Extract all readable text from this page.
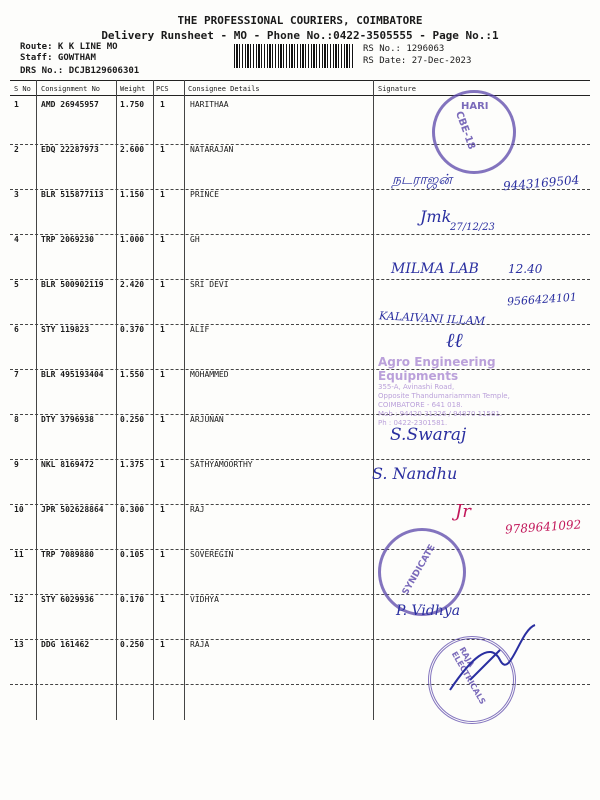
THE PROFESSIONAL COURIERS, COIMBATORE
Delivery Runsheet - MO - Phone No.:0422-3505555 - Page No.:1
Route: K K LINE MO
Staff: GOWTHAM
DRS No.: DCJB129606301
RS No.: 1296063
RS Date: 27-Dec-2023
S No Consignment No	Weight PCS	Consignee Details	Signature
1	AMD 26945957	1.750 1	HARITHAA
2	EDQ 22287973	2.600 1	NATARAJAN
3	BLR 515877113 1.150 1	PRINCE
4	TRP 2069230	1.000 1	GH
5	BLR 500902119 2.420 1	SRI DEVI
6	STY 119823	0.370 1	ALIF
7	BLR 495193404 1.550 1	MOHAMMED
8	DTY 3796938	0.250 1	ARJUNAN
9	NKL 8169472	1.375 1	SATHYAMOORTHY
10 JPR 502628864 0.300 1	RAJ
11 TRP 7089880	0.105 1	SOVEREGIN
12 STY 6029936	0.170 1	VIDHYA
13 DDG 161462	0.250 1	RAJA
HARI
CBE-18
Agro Engineering Equipments
355-A, Avinashi Road,
Opposite Thandumariamman Temple,
COIMBATORE - 641 018.
Mob : 94420 31326 / 94870 11581.
Ph : 0422-2301581.
SYNDICATE
RAJA ELECTRICALS
நடராஜன்	9443169504
Jmk
27/12/23
MILMA LAB 12.40
9566424101
KALAIVANI ILLAM
ℓℓ
S.Swaraj
S. Nandhu
Jr
9789641092
P. Vidhya
